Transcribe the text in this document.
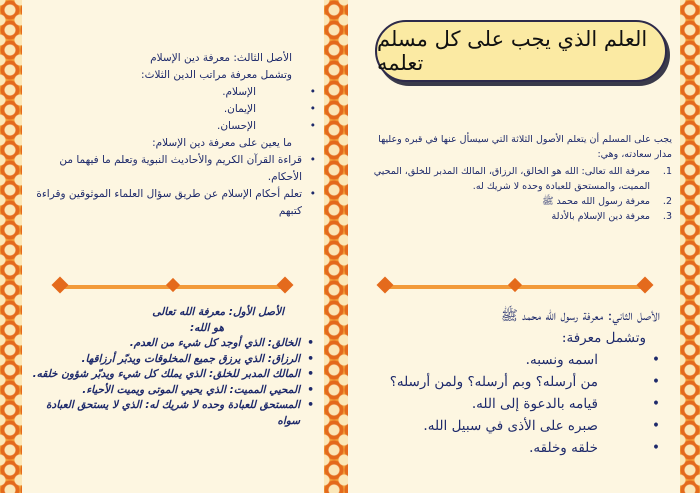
العلم الذي يجب على كل مسلم تعلمه

يجب على المسلم أن يتعلم الأصول الثلاثة التي سيسأل عنها في قبره وعليها مدار سعادته، وهي:

1.
معرفة الله تعالى: الله هو الخالق، الرزاق، المالك المدبر للخلق، المحيي المميت، والمستحق للعبادة وحده لا شريك له.
2.
معرفة رسول الله محمد ﷺ
3.
معرفة دين الإسلام بالأدلة

الأصل الثالث: معرفة دين الإسلام

وتشمل معرفة مراتب الدين الثلاث:

• الإسلام.
• الإيمان.
• الإحسان.

ما يعين على معرفة دين الإسلام:

• قراءة القرآن الكريم والأحاديث النبوية وتعلم ما فيهما من الأحكام.
• تعلم أحكام الإسلام عن طريق سؤال العلماء الموثوقين وقراءة كتبهم

الأصل الأول: معرفة الله تعالى

هو الله:

• الخالق: الذي أوجد كل شيء من العدم.
• الرزاق: الذي يرزق جميع المخلوقات ويدبّر أرزاقها.
• المالك المدبر للخلق: الذي يملك كل شيء ويدبّر شؤون خلقه.
• المحيي المميت: الذي يحيي الموتى ويميت الأحياء.
• المستحق للعبادة وحده لا شريك له: الذي لا يستحق العبادة سواه

الأصل الثاني: معرفة رسول الله محمد ﷺ

وتشمل معرفة:

• اسمه ونسبه.
• من أرسله؟ وبم أرسله؟ ولمن أرسله؟
• قيامه بالدعوة إلى الله.
• صبره على الأذى في سبيل الله.
• خلقه وخلقه.
